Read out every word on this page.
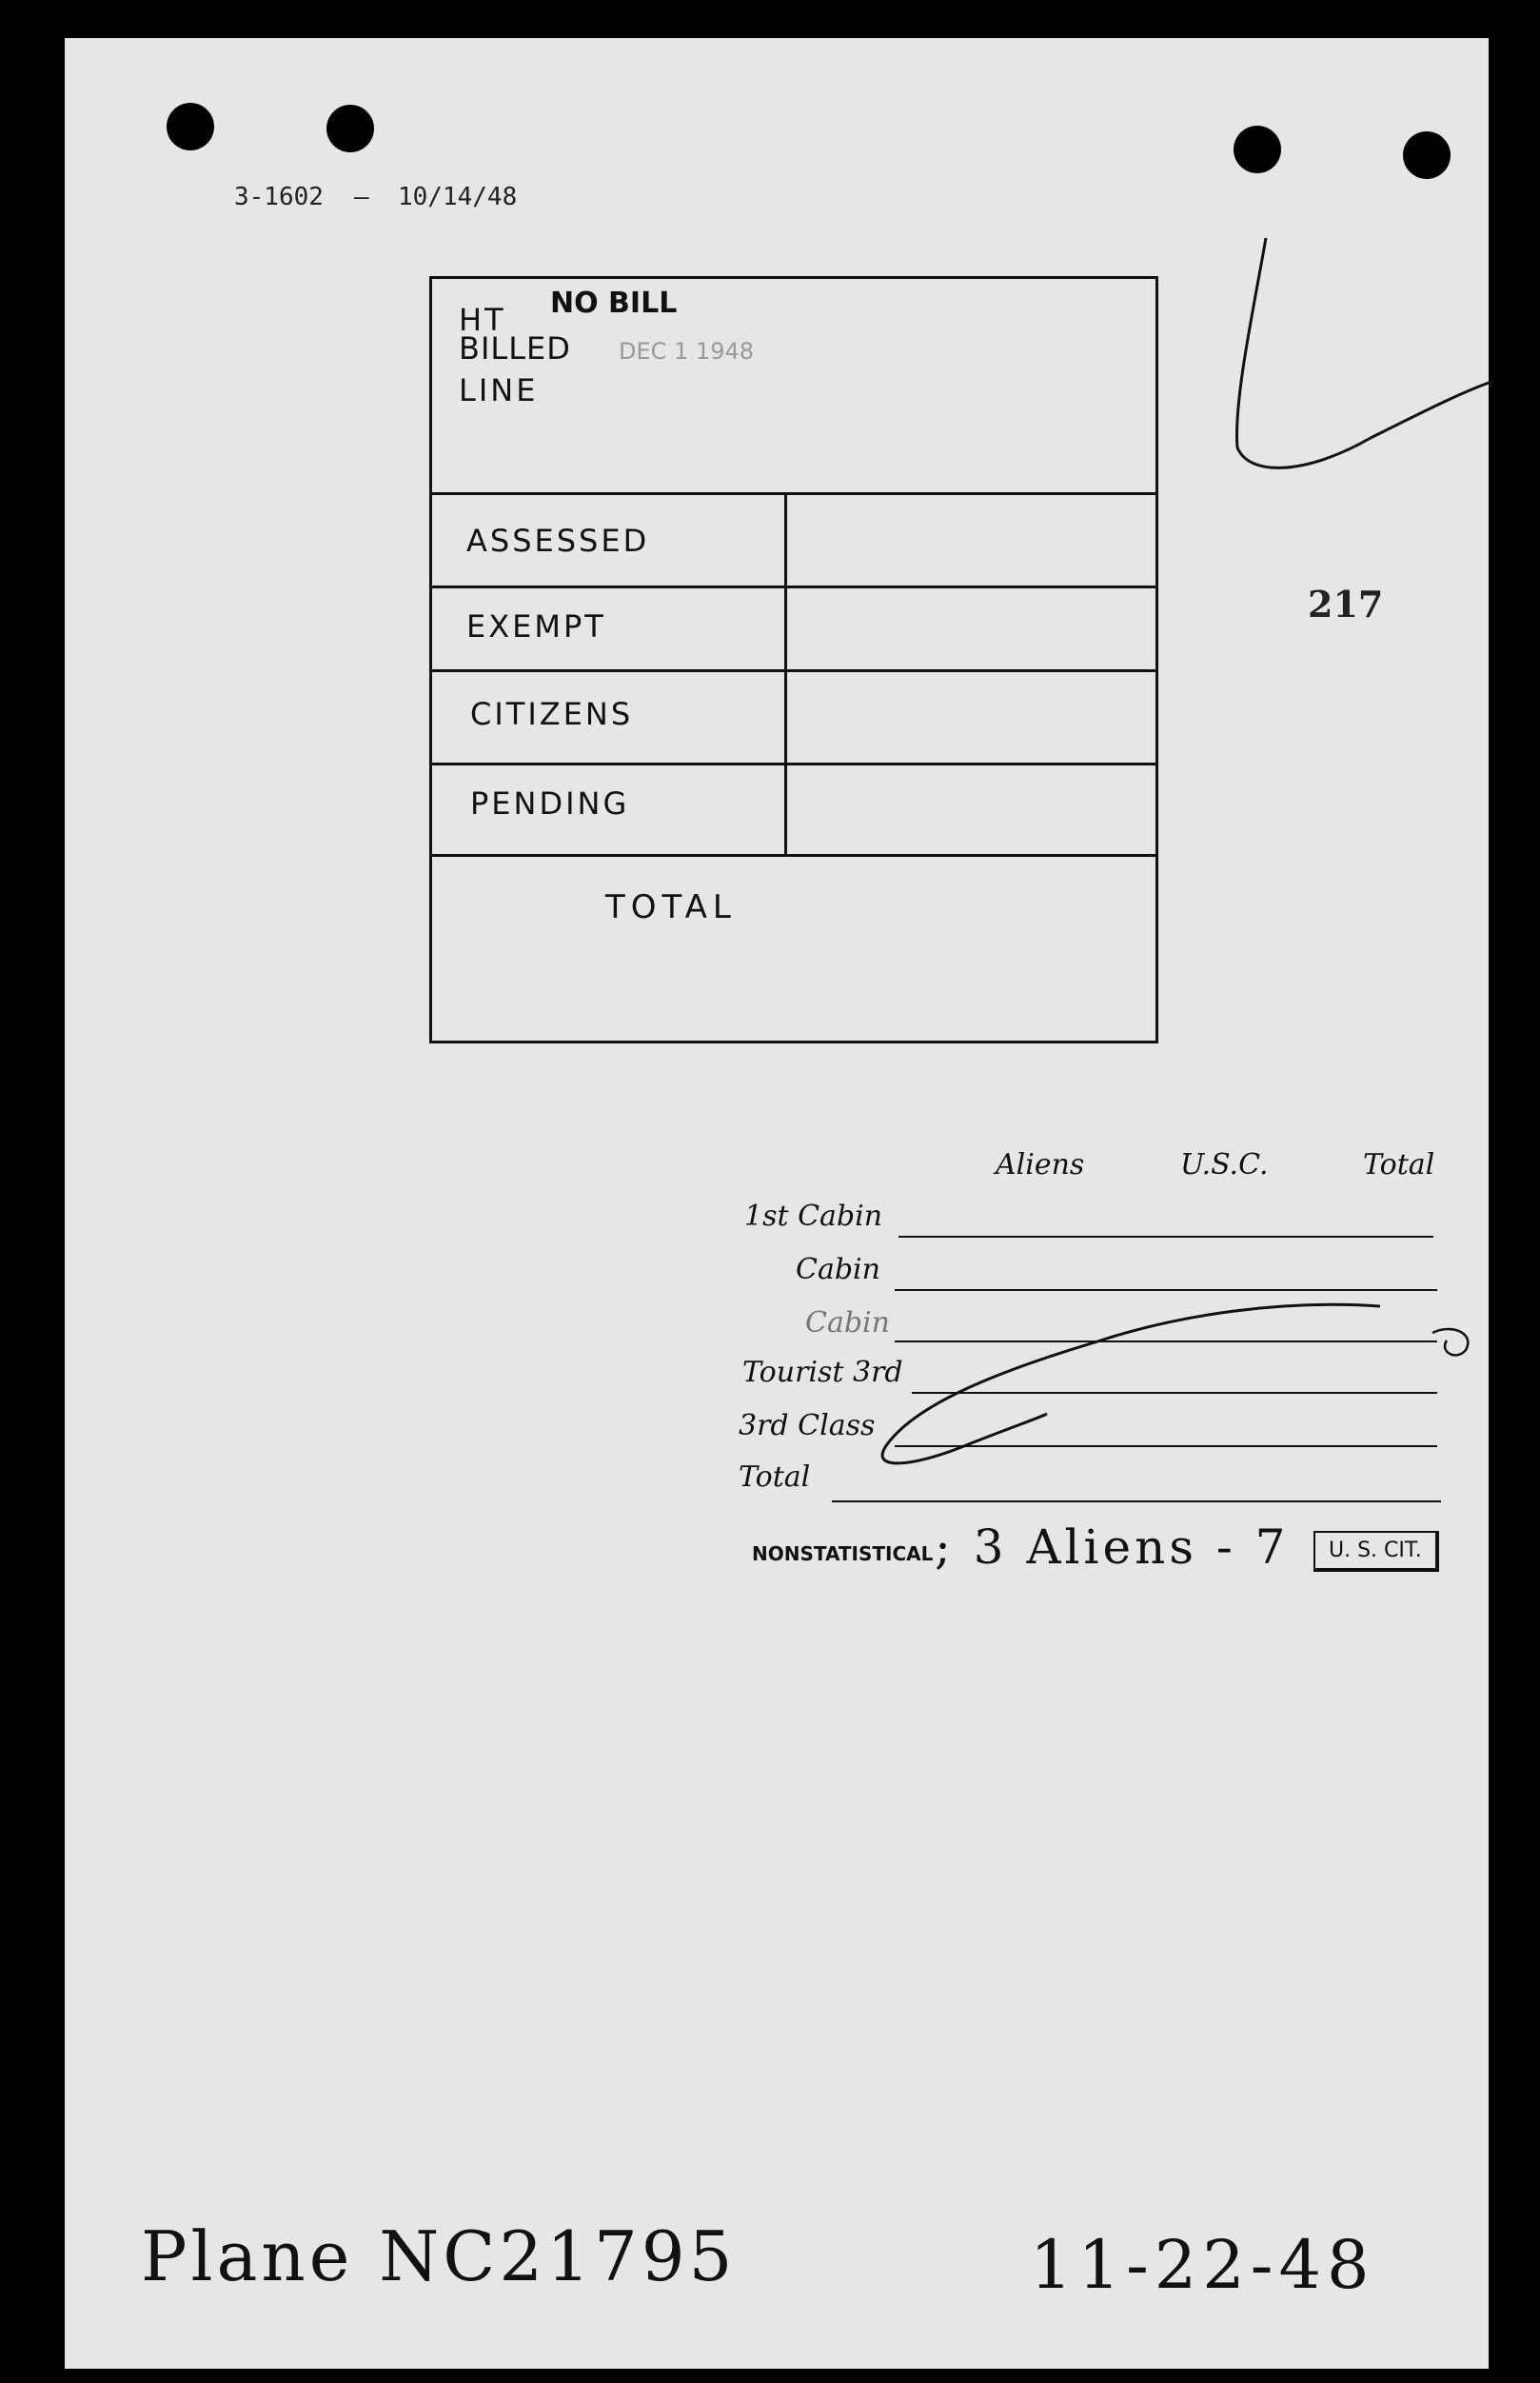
3-1602 — 10/14/48
217
HT NO BILL
BILLED DEC 1 1948
LINE
ASSESSED
EXEMPT
CITIZENS
PENDING
TOTAL
Aliens	U.S.C.	Total
1st Cabin
Cabin
Cabin
Tourist 3rd
3rd Class
Total
NONSTATISTICAL ; 3 Aliens - 7	U. S. CIT.
Plane NC21795	11-22-48
